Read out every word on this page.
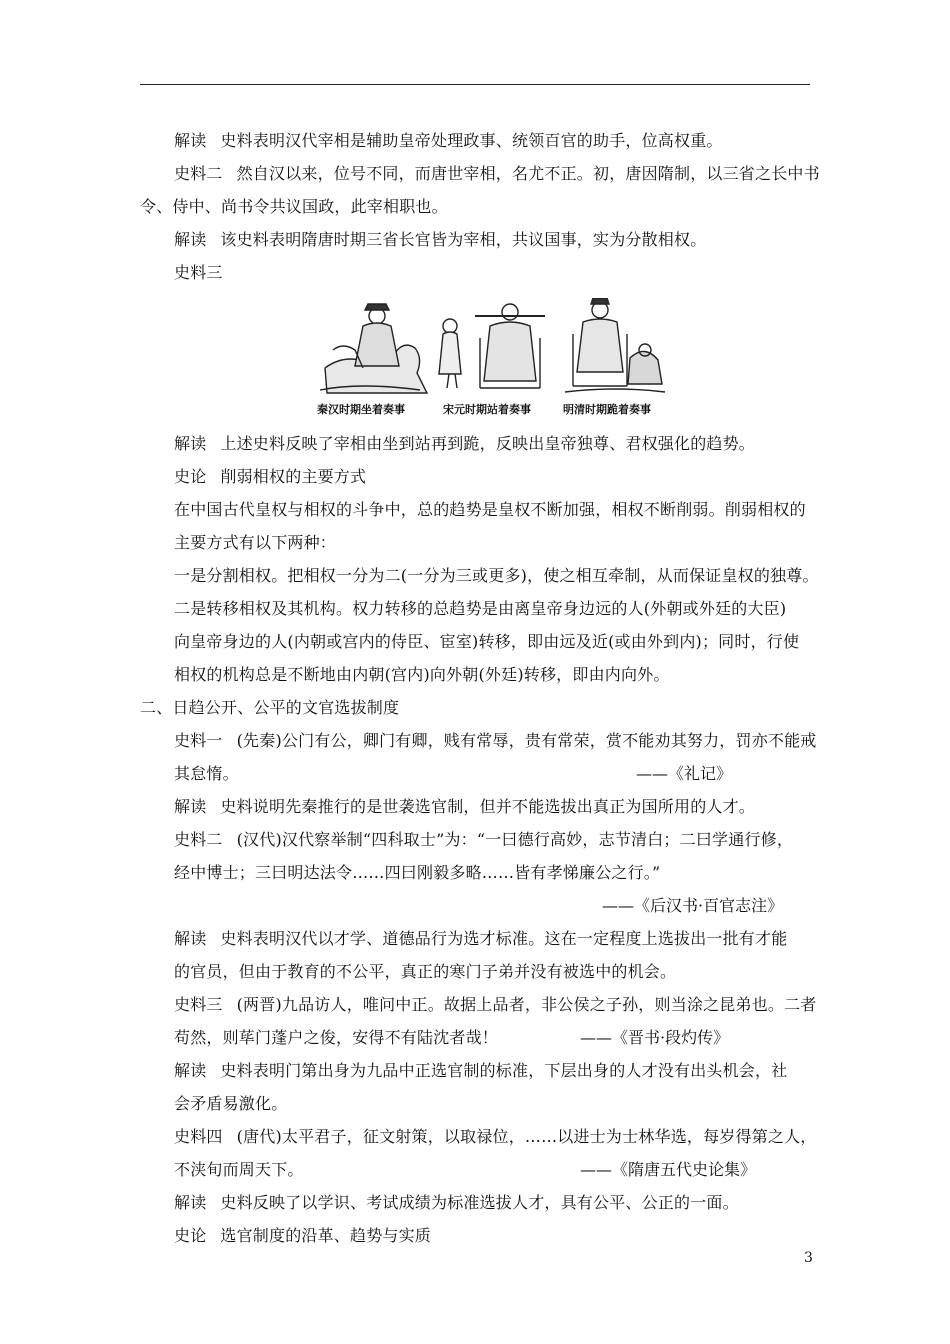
解读 史料表明汉代宰相是辅助皇帝处理政事、统领百官的助手，位高权重。
史料二 然自汉以来，位号不同，而唐世宰相，名尤不正。初，唐因隋制，以三省之长中书
令、侍中、尚书令共议国政，此宰相职也。
解读 该史料表明隋唐时期三省长官皆为宰相，共议国事，实为分散相权。
史料三
秦汉时期坐着奏事	宋元时期站着奏事	明清时期跪着奏事
解读 上述史料反映了宰相由坐到站再到跪，反映出皇帝独尊、君权强化的趋势。
史论 削弱相权的主要方式
在中国古代皇权与相权的斗争中，总的趋势是皇权不断加强，相权不断削弱。削弱相权的
主要方式有以下两种：
一是分割相权。把相权一分为二(一分为三或更多)，使之相互牵制，从而保证皇权的独尊。
二是转移相权及其机构。权力转移的总趋势是由离皇帝身边远的人(外朝或外廷的大臣)
向皇帝身边的人(内朝或宫内的侍臣、宦室)转移，即由远及近(或由外到内)；同时，行使
相权的机构总是不断地由内朝(宫内)向外朝(外廷)转移，即由内向外。
二、日趋公开、公平的文官选拔制度
史料一 (先秦)公门有公，卿门有卿，贱有常辱，贵有常荣，赏不能劝其努力，罚亦不能戒
其怠惰。	——《礼记》
解读 史料说明先秦推行的是世袭选官制，但并不能选拔出真正为国所用的人才。
史料二 (汉代)汉代察举制“四科取士”为：“一曰德行高妙，志节清白；二曰学通行修，
经中博士；三曰明达法令……四曰刚毅多略……皆有孝悌廉公之行。”
——《后汉书·百官志注》
解读 史料表明汉代以才学、道德品行为选才标准。这在一定程度上选拔出一批有才能
的官员，但由于教育的不公平，真正的寒门子弟并没有被选中的机会。
史料三 (两晋)九品访人，唯问中正。故据上品者，非公侯之子孙，则当涂之昆弟也。二者
苟然，则荜门蓬户之俊，安得不有陆沈者哉！	——《晋书·段灼传》
解读 史料表明门第出身为九品中正选官制的标准，下层出身的人才没有出头机会，社
会矛盾易激化。
史料四 (唐代)太平君子，征文射策，以取禄位，……以进士为士林华选，每岁得第之人，
不浃旬而周天下。	——《隋唐五代史论集》
解读 史料反映了以学识、考试成绩为标准选拔人才，具有公平、公正的一面。
史论 选官制度的沿革、趋势与实质
3
